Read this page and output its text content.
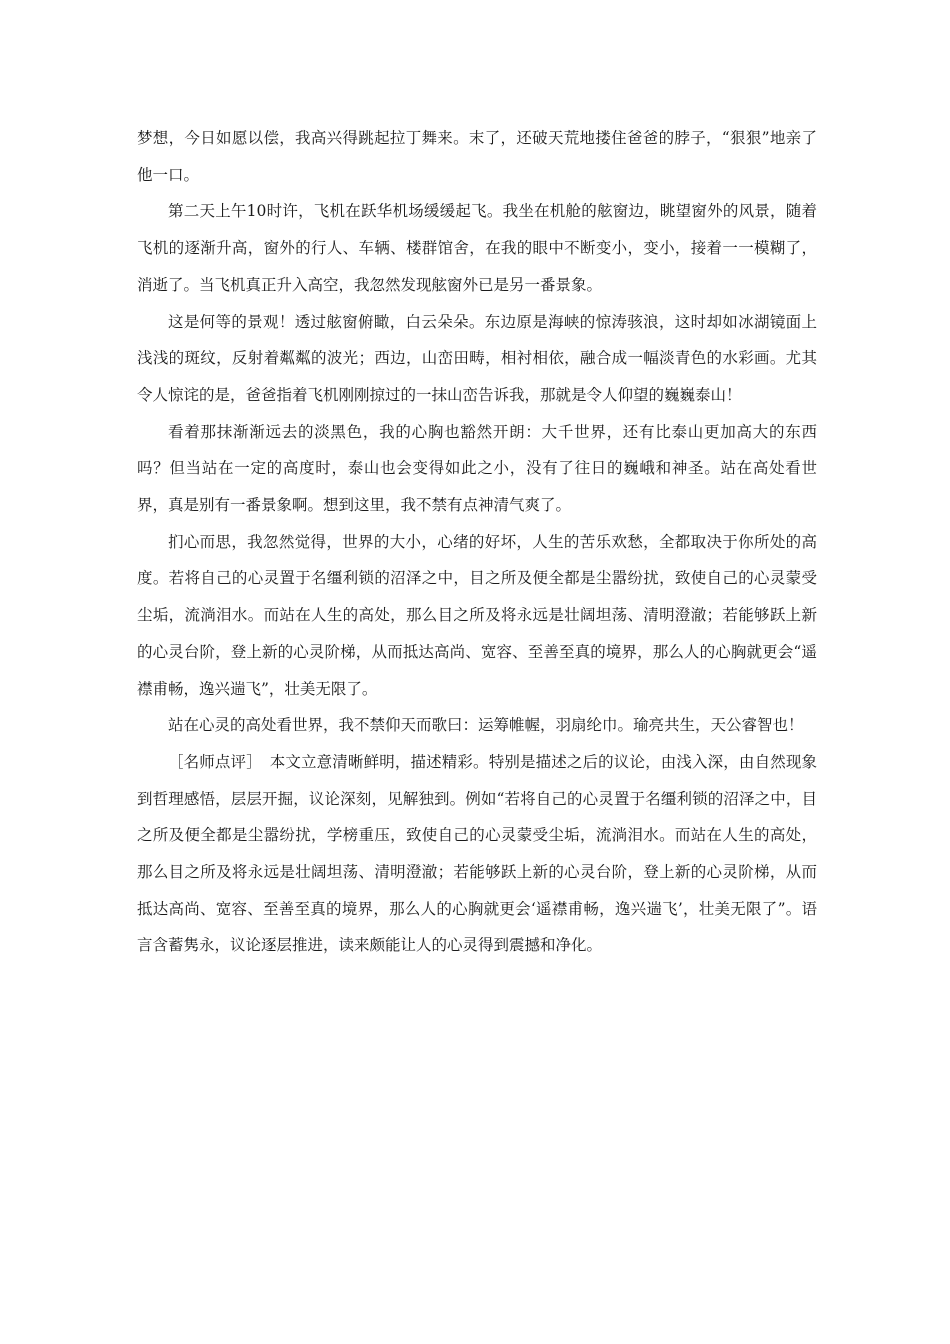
梦想，今日如愿以偿，我高兴得跳起拉丁舞来。末了，还破天荒地搂住爸爸的脖子，“狠狠”地亲了他一口。

第二天上午10时许，飞机在跃华机场缓缓起飞。我坐在机舱的舷窗边，眺望窗外的风景，随着飞机的逐渐升高，窗外的行人、车辆、楼群馆舍，在我的眼中不断变小，变小，接着一一模糊了，消逝了。当飞机真正升入高空，我忽然发现舷窗外已是另一番景象。

这是何等的景观！透过舷窗俯瞰，白云朵朵。东边原是海峡的惊涛骇浪，这时却如冰湖镜面上浅浅的斑纹，反射着粼粼的波光；西边，山峦田畴，相衬相依，融合成一幅淡青色的水彩画。尤其令人惊诧的是，爸爸指着飞机刚刚掠过的一抹山峦告诉我，那就是令人仰望的巍巍泰山！

看着那抹渐渐远去的淡黑色，我的心胸也豁然开朗：大千世界，还有比泰山更加高大的东西吗？但当站在一定的高度时，泰山也会变得如此之小，没有了往日的巍峨和神圣。站在高处看世界，真是别有一番景象啊。想到这里，我不禁有点神清气爽了。

扪心而思，我忽然觉得，世界的大小，心绪的好坏，人生的苦乐欢愁，全都取决于你所处的高度。若将自己的心灵置于名缰利锁的沼泽之中，目之所及便全都是尘嚣纷扰，致使自己的心灵蒙受尘垢，流淌泪水。而站在人生的高处，那么目之所及将永远是壮阔坦荡、清明澄澈；若能够跃上新的心灵台阶，登上新的心灵阶梯，从而抵达高尚、宽容、至善至真的境界，那么人的心胸就更会“遥襟甫畅，逸兴遄飞”，壮美无限了。

站在心灵的高处看世界，我不禁仰天而歌曰：运筹帷幄，羽扇纶巾。瑜亮共生，天公睿智也！

［名师点评］　本文立意清晰鲜明，描述精彩。特别是描述之后的议论，由浅入深，由自然现象到哲理感悟，层层开掘，议论深刻，见解独到。例如“若将自己的心灵置于名缰利锁的沼泽之中，目之所及便全都是尘嚣纷扰，学榜重压，致使自己的心灵蒙受尘垢，流淌泪水。而站在人生的高处，那么目之所及将永远是壮阔坦荡、清明澄澈；若能够跃上新的心灵台阶，登上新的心灵阶梯，从而抵达高尚、宽容、至善至真的境界，那么人的心胸就更会‘遥襟甫畅，逸兴遄飞’，壮美无限了”。语言含蓄隽永，议论逐层推进，读来颇能让人的心灵得到震撼和净化。
